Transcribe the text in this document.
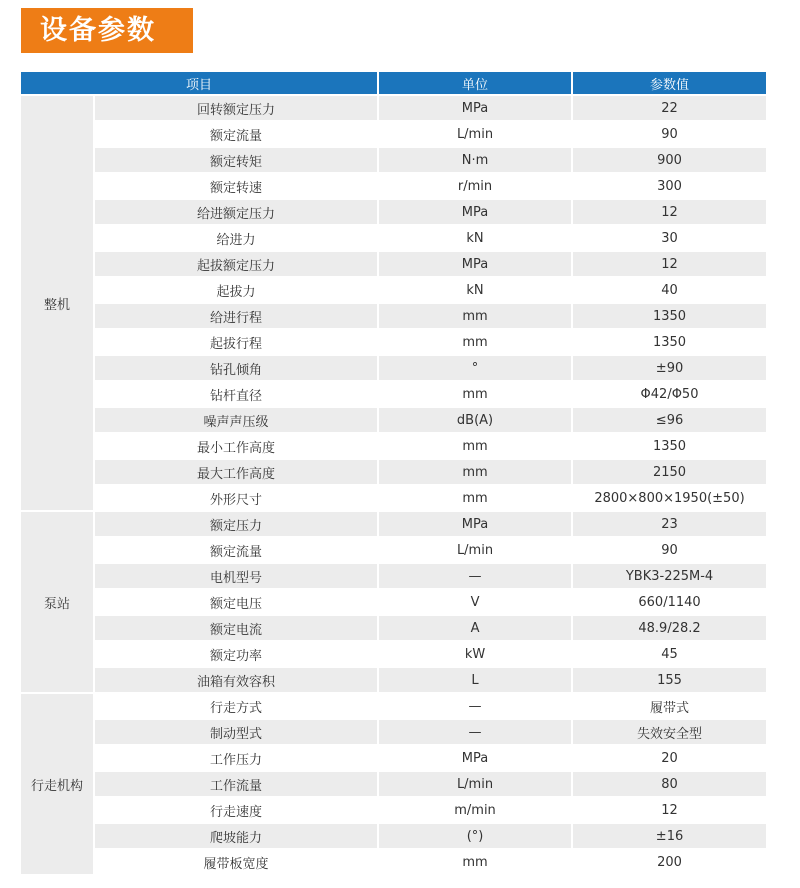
设备参数
项目		单位	参数值
整机	回转额定压力	MPa	22
	额定流量	L/min	90
	额定转矩	N·m	900
	额定转速	r/min	300
	给进额定压力	MPa	12
	给进力	kN	30
	起拔额定压力	MPa	12
	起拔力	kN	40
	给进行程	mm	1350
	起拔行程	mm	1350
	钻孔倾角	°	±90
	钻杆直径	mm	Φ42/Φ50
	噪声声压级	dB(A)	≤96
	最小工作高度	mm	1350
	最大工作高度	mm	2150
	外形尺寸	mm	2800×800×1950(±50)
泵站	额定压力	MPa	23
	额定流量	L/min	90
	电机型号	—	YBK3-225M-4
	额定电压	V	660/1140
	额定电流	A	48.9/28.2
	额定功率	kW	45
	油箱有效容积	L	155
行走机构	行走方式	—	履带式
	制动型式	—	失效安全型
	工作压力	MPa	20
	工作流量	L/min	80
	行走速度	m/min	12
	爬坡能力	(°)	±16
	履带板宽度	mm	200
